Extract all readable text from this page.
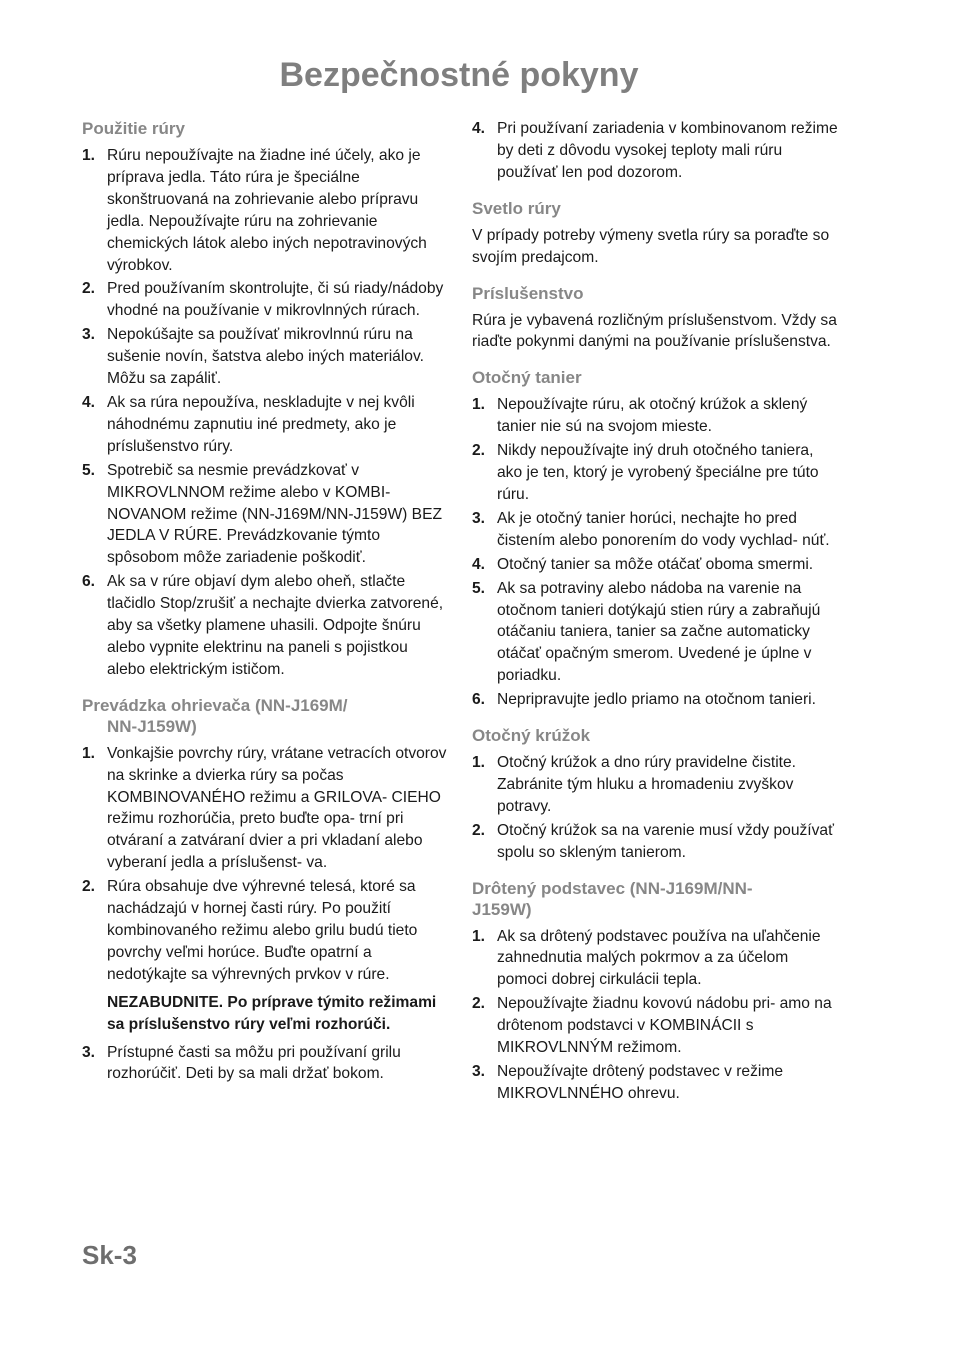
Bezpečnostné pokyny
Použitie rúry
1. Rúru nepoužívajte na žiadne iné účely, ako je príprava jedla. Táto rúra je špeciálne skonštruovaná na zohrievanie alebo prípravu jedla. Nepoužívajte rúru na zohrievanie chemických látok alebo iných nepotravinových výrobkov.
2. Pred používaním skontrolujte, či sú riady/nádoby vhodné na používanie v mikrovlnných rúrach.
3. Nepokúšajte sa používať mikrovlnnú rúru na sušenie novín, šatstva alebo iných materiálov. Môžu sa zapáliť.
4. Ak sa rúra nepoužíva, neskladujte v nej kvôli náhodnému zapnutiu iné predmety, ako je príslušenstvo rúry.
5. Spotrebič sa nesmie prevádzkovať v MIKROVLNNOM režime alebo v KOMBI- NOVANOM režime (NN-J169M/NN-J159W) BEZ JEDLA V RÚRE. Prevádzkovanie týmto spôsobom môže zariadenie poškodiť.
6. Ak sa v rúre objaví dym alebo oheň, stlačte tlačidlo Stop/zrušiť a nechajte dvierka zatvorené, aby sa všetky plamene uhasili. Odpojte šnúru alebo vypnite elektrinu na paneli s pojistkou alebo elektrickým ističom.
Prevádzka ohrievača (NN-J169M/
NN-J159W)
1. Vonkajšie povrchy rúry, vrátane vetracích otvorov na skrinke a dvierka rúry sa počas KOMBINOVANÉHO režimu a GRILOVA- CIEHO režimu rozhorúčia, preto buďte opa- trní pri otváraní a zatváraní dvier a pri vkladaní alebo vyberaní jedla a príslušenst- va.
2. Rúra obsahuje dve výhrevné telesá, ktoré sa nachádzajú v hornej časti rúry. Po použití kombinovaného režimu alebo grilu budú tieto povrchy veľmi horúce. Buďte opatrní a nedotýkajte sa výhrevných prvkov v rúre.

NEZABUDNITE. Po príprave týmito režimami sa príslušenstvo rúry veľmi rozhorúči.

3. Prístupné časti sa môžu pri používaní grilu rozhorúčiť. Deti by sa mali držať bokom.
4. Pri používaní zariadenia v kombinovanom režime by deti z dôvodu vysokej teploty mali rúru používať len pod dozorom.
Svetlo rúry

V prípady potreby výmeny svetla rúry sa poraďte so svojím predajcom.

Príslušenstvo

Rúra je vybavená rozličným príslušenstvom. Vždy sa riaďte pokynmi danými na používanie príslušenstva.

Otočný tanier
1. Nepoužívajte rúru, ak otočný krúžok a sklený tanier nie sú na svojom mieste.
2. Nikdy nepoužívajte iný druh otočného taniera, ako je ten, ktorý je vyrobený špeciálne pre túto rúru.
3. Ak je otočný tanier horúci, nechajte ho pred čistením alebo ponorením do vody vychlad- núť.
4. Otočný tanier sa môže otáčať oboma smermi.
5. Ak sa potraviny alebo nádoba na varenie na otočnom tanieri dotýkajú stien rúry a zabraňujú otáčaniu taniera, tanier sa začne automaticky otáčať opačným smerom. Uvedené je úplne v poriadku.
6. Nepripravujte jedlo priamo na otočnom tanieri.
Otočný krúžok
1. Otočný krúžok a dno rúry pravidelne čistite. Zabránite tým hluku a hromadeniu zvyškov potravy.
2. Otočný krúžok sa na varenie musí vždy používať spolu so skleným tanierom.
Drôtený podstavec (NN-J169M/NN-
J159W)
1. Ak sa drôtený podstavec používa na uľahčenie zahnednutia malých pokrmov a za účelom pomoci dobrej cirkulácii tepla.
2. Nepoužívajte žiadnu kovovú nádobu pri- amo na drôtenom podstavci v KOMBINÁCII s MIKROVLNNÝM režimom.
3. Nepoužívajte drôtený podstavec v režime MIKROVLNNÉHO ohrevu.
Sk-3
